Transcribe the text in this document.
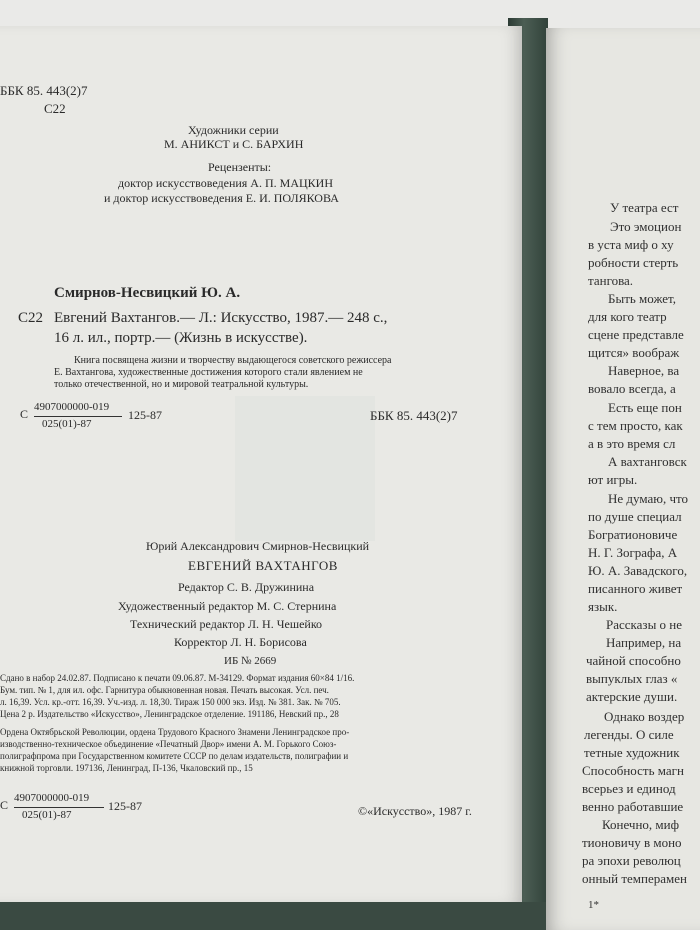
ББК 85. 443(2)7
С22
Художники серии
М. АНИКСТ и С. БАРХИН
Рецензенты:
доктор искусствоведения А. П. МАЦКИН
и доктор искусствоведения Е. И. ПОЛЯКОВА
Смирнов-Несвицкий Ю. А.
С22 Евгений Вахтангов.— Л.: Искусство, 1987.— 248 с.,
16 л. ил., портр.— (Жизнь в искусстве).
Книга посвящена жизни и творчеству выдающегося советского режиссера
Е. Вахтангова, художественные достижения которого стали явлением не
только отечественной, но и мировой театральной культуры.
С 4907000000-019
025(01)-87
125-87	ББК 85. 443(2)7
Юрий Александрович Смирнов-Несвицкий
ЕВГЕНИЙ ВАХТАНГОВ
Редактор С. В. Дружинина
Художественный редактор М. С. Стернина
Технический редактор Л. Н. Чешейко
Корректор Л. Н. Борисова
ИБ № 2669
Сдано в набор 24.02.87. Подписано к печати 09.06.87. М-34129. Формат издания 60×84 1/16.
Бум. тип. № 1, для ил. офс. Гарнитура обыкновенная новая. Печать высокая. Усл. печ.
л. 16,39. Усл. кр.-отт. 16,39. Уч.-изд. л. 18,30. Тираж 150 000 экз. Изд. № 381. Зак. № 705.
Цена 2 р. Издательство «Искусство», Ленинградское отделение. 191186, Невский пр., 28
Ордена Октябрьской Революции, ордена Трудового Красного Знамени Ленинградское про-
изводственно-техническое объединение «Печатный Двор» имени А. М. Горького Союз-
полиграфпрома при Государственном комитете СССР по делам издательств, полиграфии и
книжной торговли. 197136, Ленинград, П-136, Чкаловский пр., 15
С 4907000000-019
025(01)-87
125-87	©«Искусство», 1987 г.
У театра ест
Это эмоцион
в уста миф о ху
робности стерть
тангова.
Быть может,
для кого театр
сцене представле
щится» воображ
Наверное, ва
вовало всегда, а
Есть еще пон
с тем просто, как
а в это время сл
А вахтанговск
ют игры.
Не думаю, что
по душе специал
Богратионовиче
Н. Г. Зографа, А
Ю. А. Завадского,
писанного живет
язык.
Рассказы о не
Например, на
чайной способно
выпуклых глаз «
актерские души.
Однако воздер
легенды. О силе
тетные художник
Способность магн
всерьез и единод
венно работавшие
Конечно, миф
тионовичу в моно
ра эпохи революц
онный темперамен
1*
